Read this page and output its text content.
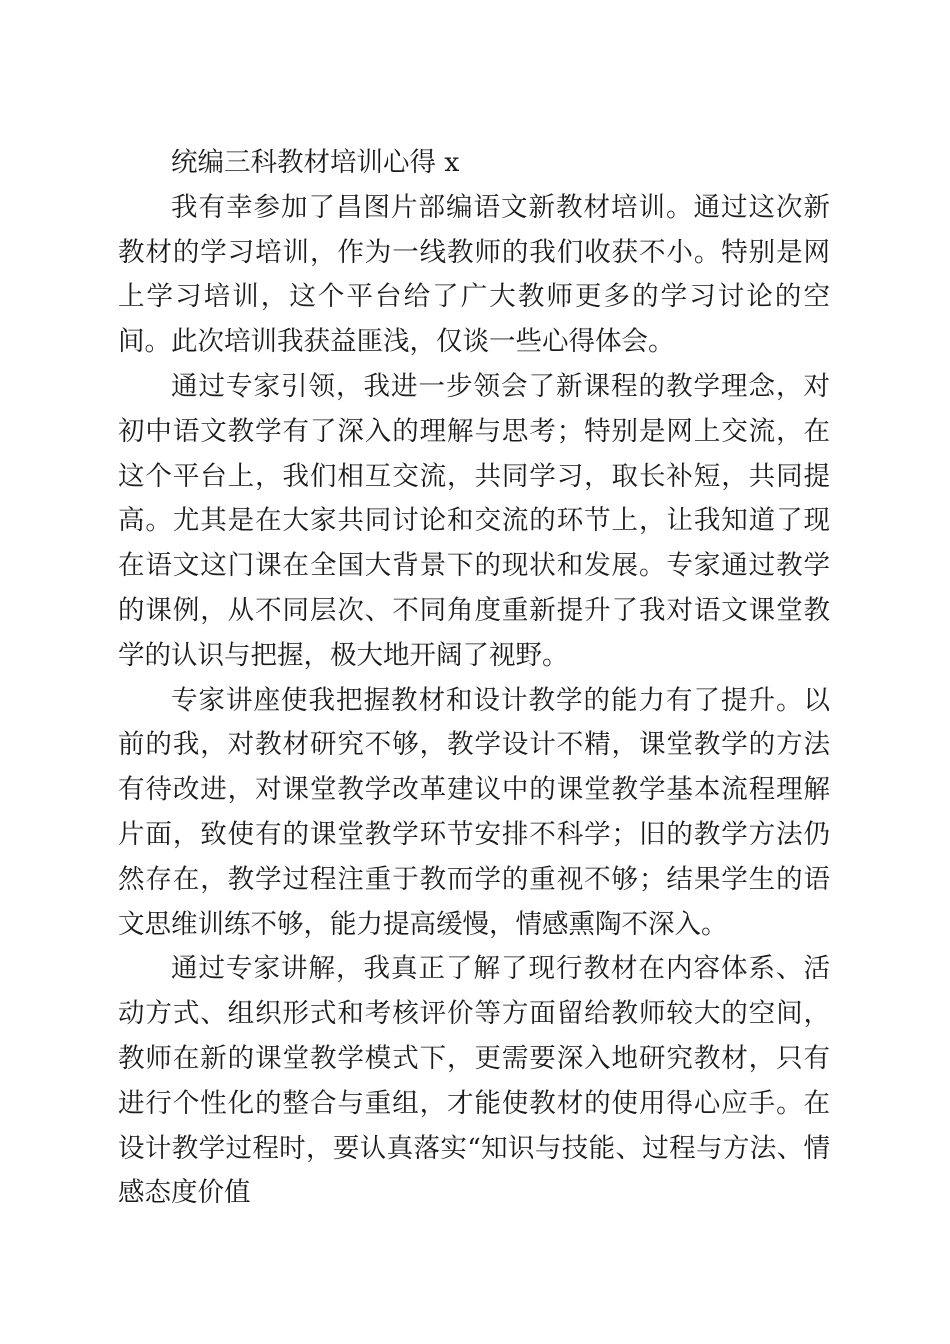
统编三科教材培训心得 x

我有幸参加了昌图片部编语文新教材培训。通过这次新教材的学习培训，作为一线教师的我们收获不小。特别是网上学习培训，这个平台给了广大教师更多的学习讨论的空间。此次培训我获益匪浅，仅谈一些心得体会。

通过专家引领，我进一步领会了新课程的教学理念，对初中语文教学有了深入的理解与思考；特别是网上交流，在这个平台上，我们相互交流，共同学习，取长补短，共同提高。尤其是在大家共同讨论和交流的环节上，让我知道了现在语文这门课在全国大背景下的现状和发展。专家通过教学的课例，从不同层次、不同角度重新提升了我对语文课堂教学的认识与把握，极大地开阔了视野。

专家讲座使我把握教材和设计教学的能力有了提升。以前的我，对教材研究不够，教学设计不精，课堂教学的方法有待改进，对课堂教学改革建议中的课堂教学基本流程理解片面，致使有的课堂教学环节安排不科学；旧的教学方法仍然存在，教学过程注重于教而学的重视不够；结果学生的语文思维训练不够，能力提高缓慢，情感熏陶不深入。

通过专家讲解，我真正了解了现行教材在内容体系、活动方式、组织形式和考核评价等方面留给教师较大的空间，教师在新的课堂教学模式下，更需要深入地研究教材，只有进行个性化的整合与重组，才能使教材的使用得心应手。在设计教学过程时，要认真落实“知识与技能、过程与方法、情感态度价值
